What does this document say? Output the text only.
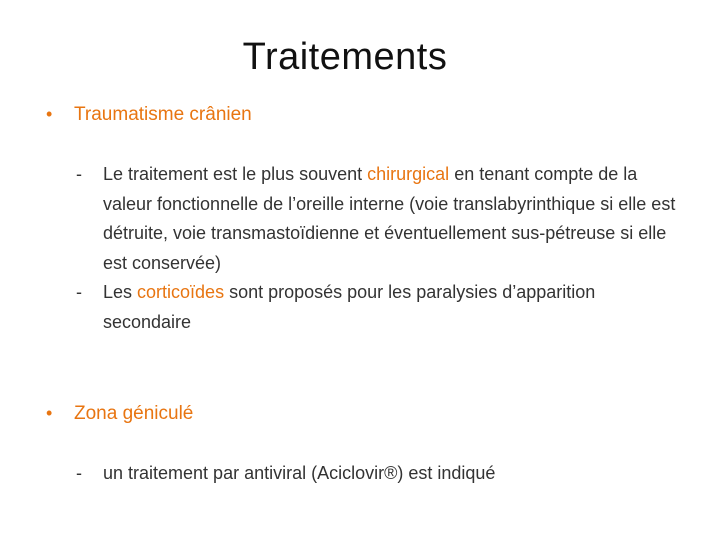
Traitements
•	Traumatisme crânien
-	Le traitement est le plus souvent chirurgical en tenant compte de la valeur fonctionnelle de l’oreille interne (voie translabyrinthique si elle est détruite, voie transmastoïdienne et éventuellement sus-pétreuse si elle est conservée)
-	Les corticoïdes sont proposés pour les paralysies d’apparition secondaire
•	Zona géniculé
-	un traitement par antiviral (Aciclovir®) est indiqué
